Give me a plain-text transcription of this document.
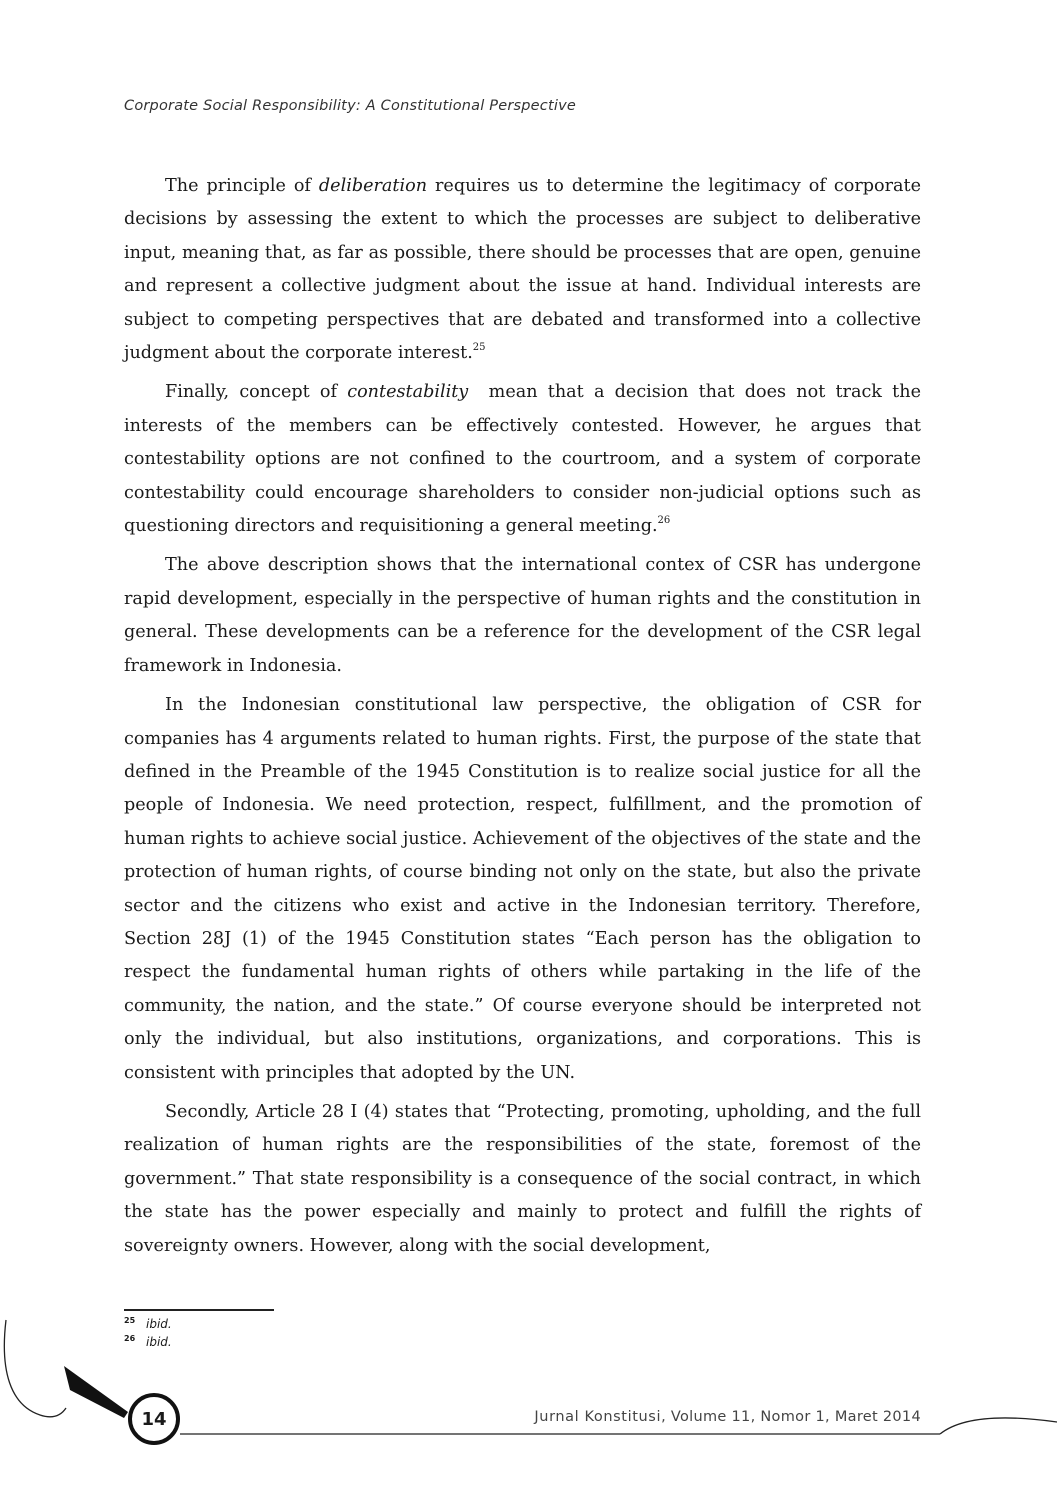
Corporate Social Responsibility: A Constitutional Perspective

The principle of deliberation requires us to determine the legitimacy of corporate decisions by assessing the extent to which the processes are subject to deliberative input, meaning that, as far as possible, there should be processes that are open, genuine and represent a collective judgment about the issue at hand. Individual interests are subject to competing perspectives that are debated and transformed into a collective judgment about the corporate interest.$^{25}$

Finally, concept of contestability  mean that a decision that does not track the interests of the members can be effectively contested. However, he argues that contestability options are not confined to the courtroom, and a system of corporate contestability could encourage shareholders to consider non-judicial options such as questioning directors and requisitioning a general meeting.$^{26}$

The above description shows that the international contex of CSR has undergone rapid development, especially in the perspective of human rights and the constitution in general. These developments can be a reference for the development of the CSR legal framework in Indonesia.

In the Indonesian constitutional law perspective, the obligation of CSR for companies has 4 arguments related to human rights. First, the purpose of the state that defined in the Preamble of the 1945 Constitution is to realize social justice for all the people of Indonesia. We need protection, respect, fulfillment, and the promotion of human rights to achieve social justice. Achievement of the objectives of the state and the protection of human rights, of course binding not only on the state, but also the private sector and the citizens who exist and active in the Indonesian territory. Therefore, Section 28J (1) of the 1945 Constitution states “Each person has the obligation to respect the fundamental human rights of others while partaking in the life of the community, the nation, and the state.” Of course everyone should be interpreted not only the individual, but also institutions, organizations, and corporations. This is consistent with principles that adopted by the UN.

Secondly, Article 28 I (4) states that “Protecting, promoting, upholding, and the full realization of human rights are the responsibilities of the state, foremost of the government.” That state responsibility is a consequence of the social contract, in which the state has the power especially and mainly to protect and fulfill the rights of sovereignty owners. However, along with the social development,

25 ibid.
26 ibid.
14	Jurnal Konstitusi, Volume 11, Nomor 1, Maret 2014
